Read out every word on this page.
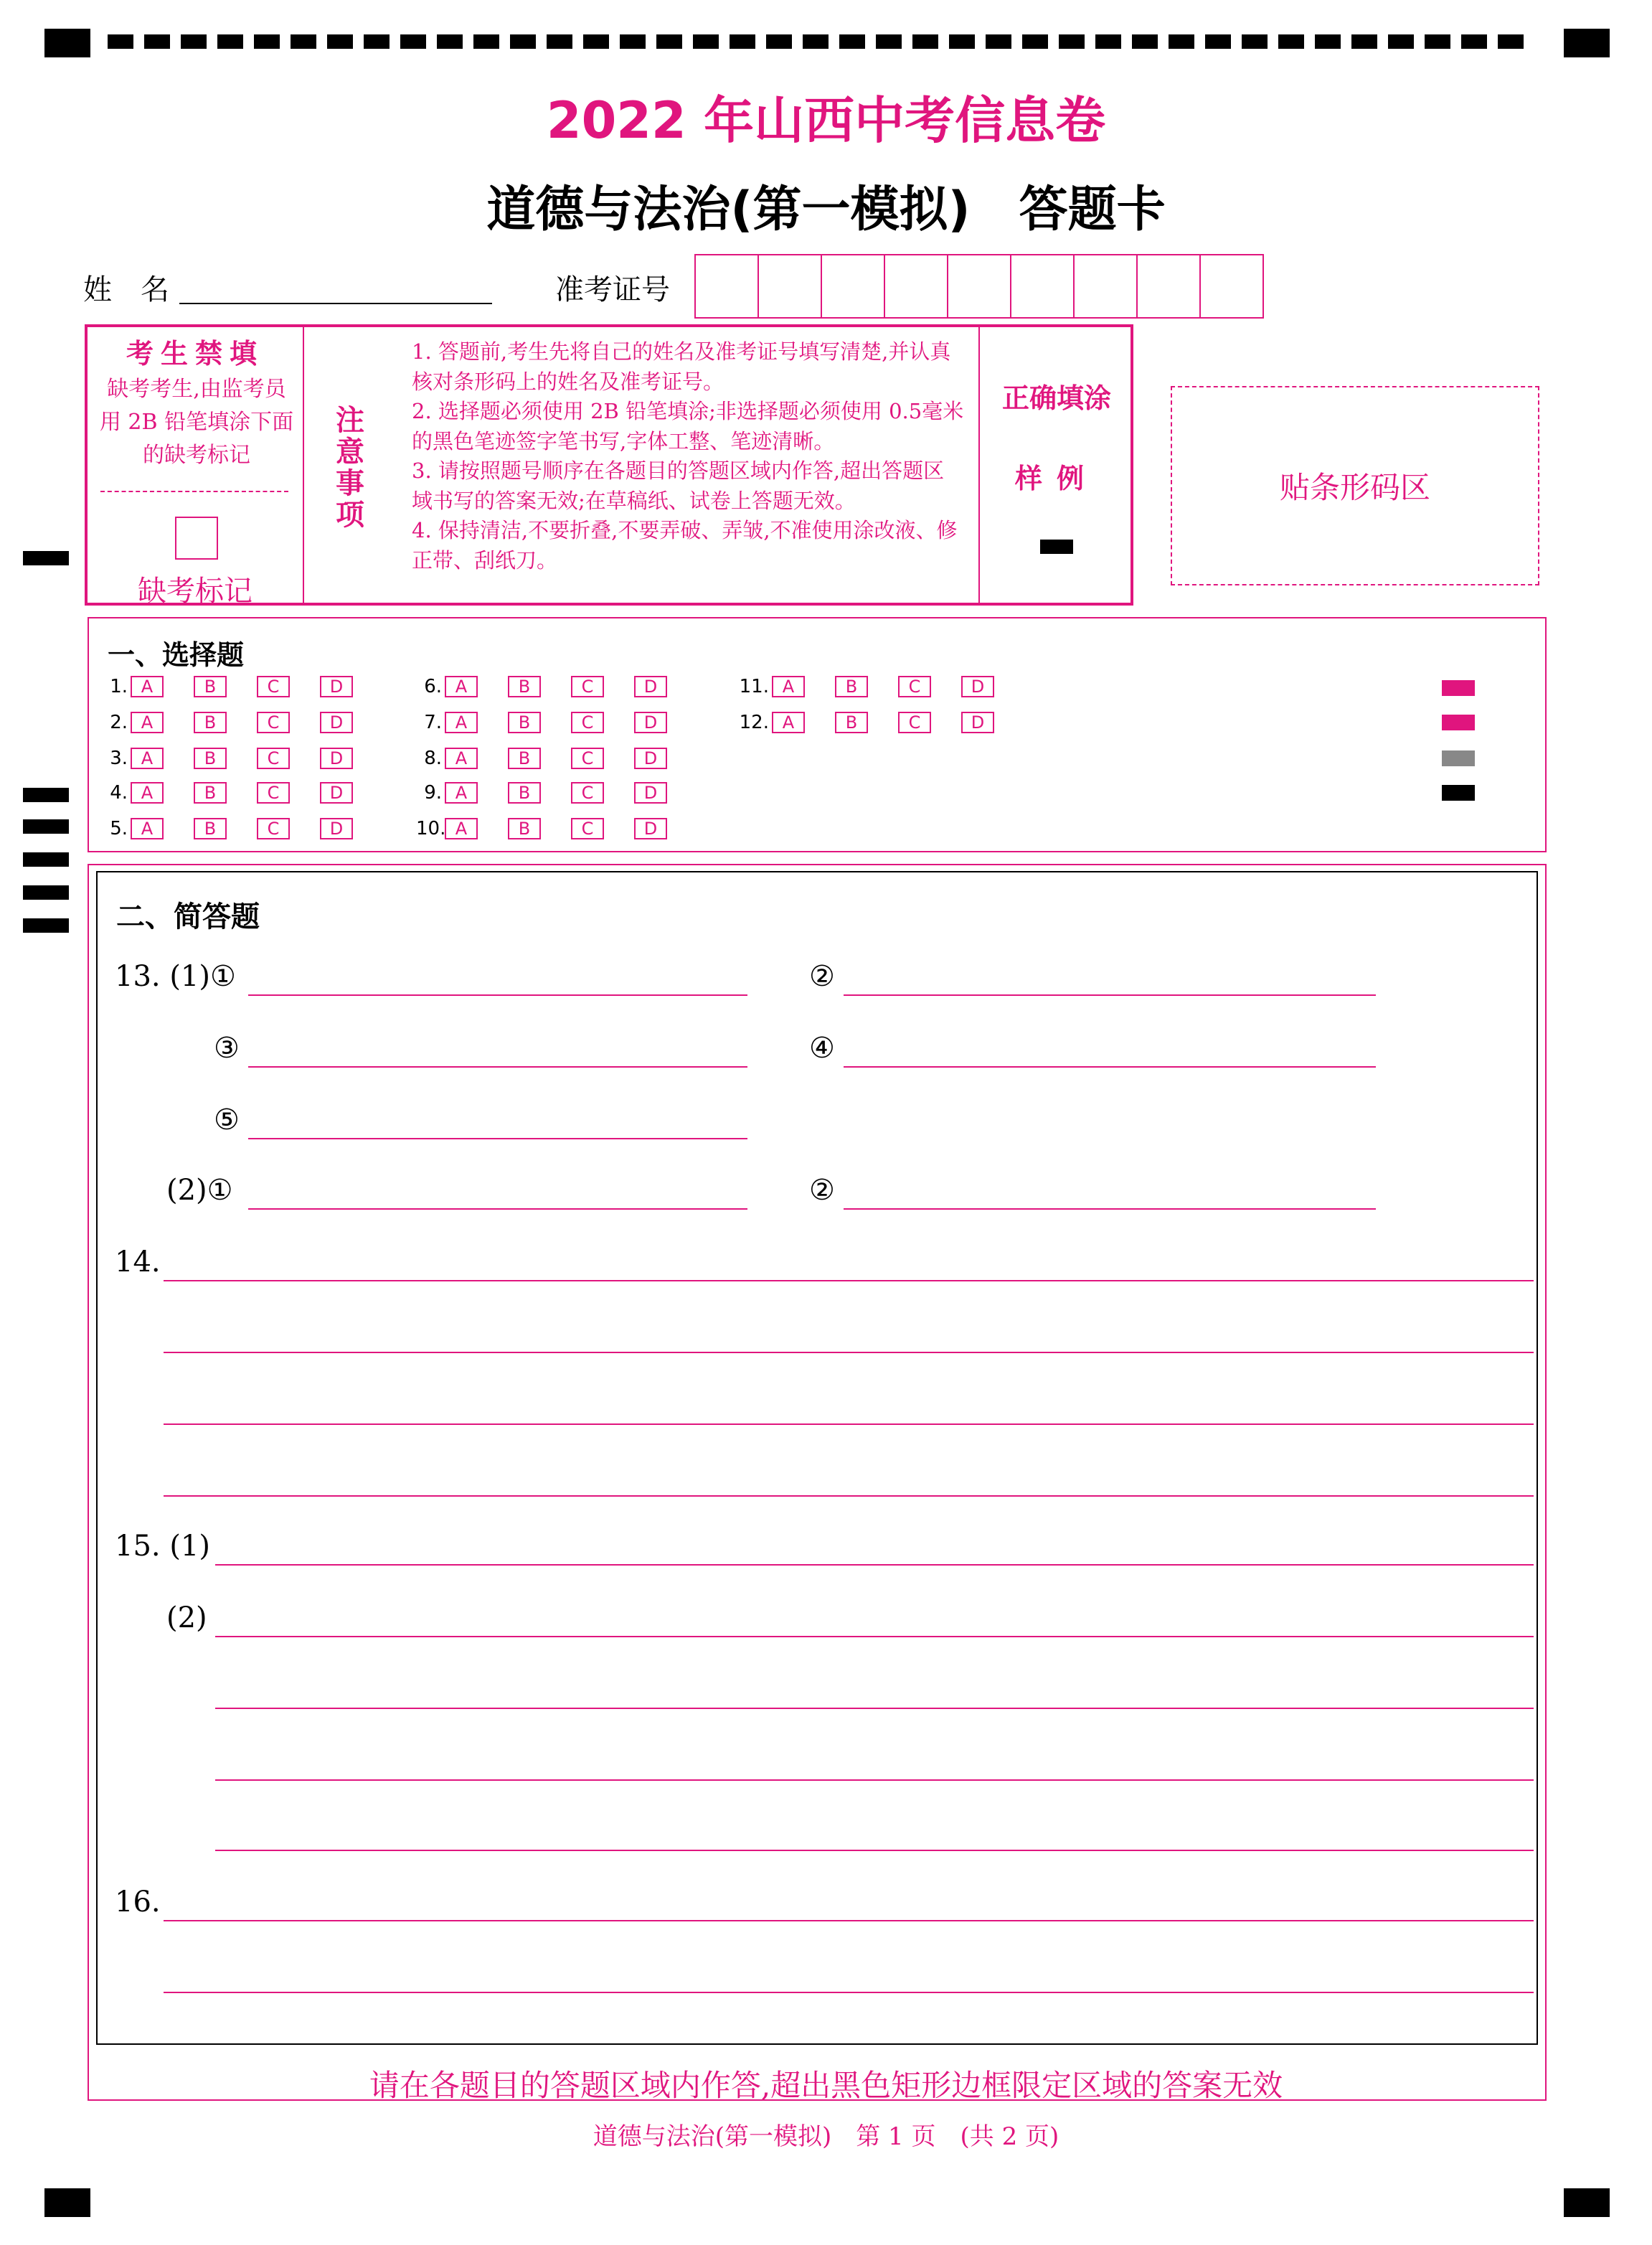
2022 年山西中考信息卷
道德与法治(第一模拟)　答题卡
姓　名	准考证号
考生禁填
缺考考生,由监考员用 2B 铅笔填涂下面的缺考标记
缺考标记
注意事项
1. 答题前,考生先将自己的姓名及准考证号填写清楚,并认真核对条形码上的姓名及准考证号。
2. 选择题必须使用 2B 铅笔填涂;非选择题必须使用 0.5毫米的黑色笔迹签字笔书写,字体工整、笔迹清晰。
3. 请按照题号顺序在各题目的答题区域内作答,超出答题区域书写的答案无效;在草稿纸、试卷上答题无效。
4. 保持清洁,不要折叠,不要弄破、弄皱,不准使用涂改液、修正带、刮纸刀。
正确填涂
样例	贴条形码区
一、选择题
1. A	B	C	D
2. A	B	C	D
3. A	B	C	D
4. A	B	C	D
5. A	B	C	D
6. A	B	C	D
7. A	B	C	D
8. A	B	C	D
9. A	B	C	D
10. A	B	C	D
11. A	B	C	D
12. A	B	C	D
二、简答题
13. (1)①	②
③	④
⑤
(2)①	②
14.
15. (1)
(2)
16.
请在各题目的答题区域内作答,超出黑色矩形边框限定区域的答案无效
道德与法治(第一模拟)　第 1 页　(共 2 页)
